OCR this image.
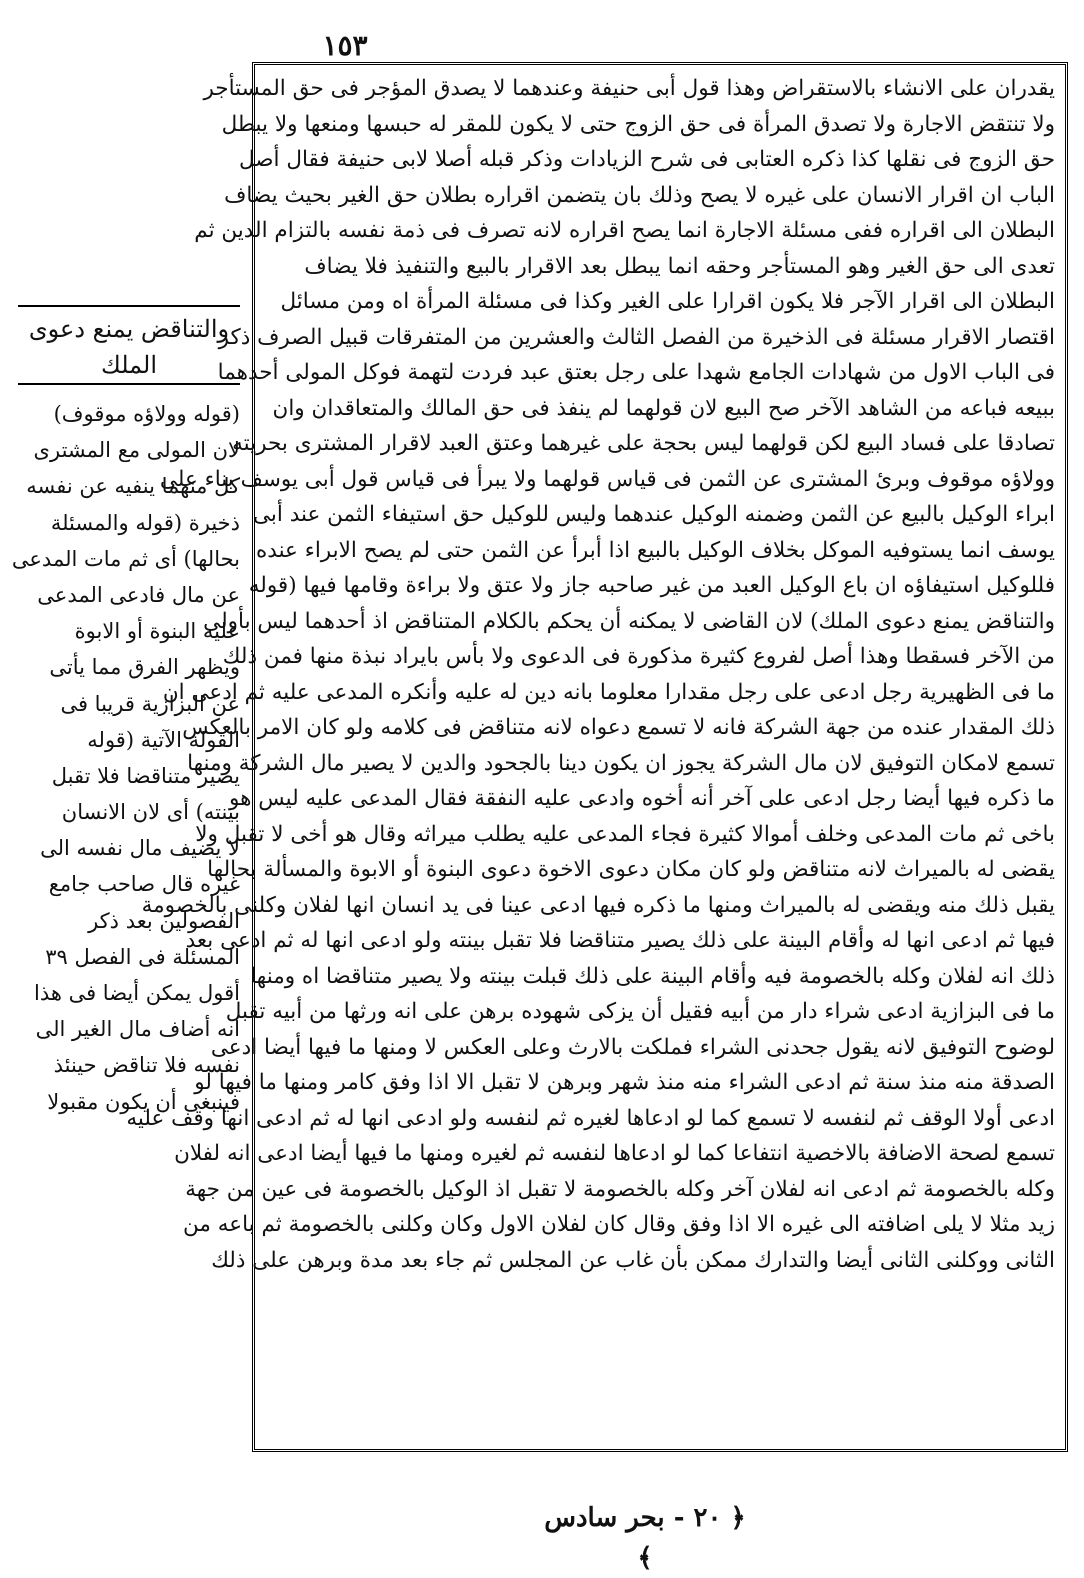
١٥٣
والتناقض يمنع دعوى الملك
(قوله وولاؤه موقوف)
لان المولى مع المشترى
كل منهما ينفيه عن نفسه
ذخيرة (قوله والمسئلة
بحالها) أى ثم مات المدعى
عن مال فادعى المدعى
عليه البنوة أو الابوة
ويظهر الفرق مما يأتى
عن البزازية قريبا فى
القولة الآتية (قوله
يصير متناقضا فلا تقبل
بينته) أى لان الانسان
لا يضيف مال نفسه الى
غيره قال صاحب جامع
الفصولين بعد ذكر
المسئلة فى الفصل ٣٩
أقول يمكن أيضا فى هذا
انه أضاف مال الغير الى
نفسه فلا تناقض حينئذ
فينبغى أن يكون مقبولا
يقدران على الانشاء بالاستقراض وهذا قول أبى حنيفة وعندهما لا يصدق المؤجر فى حق المستأجر
ولا تنتقض الاجارة ولا تصدق المرأة فى حق الزوج حتى لا يكون للمقر له حبسها ومنعها ولا يبطل
حق الزوج فى نقلها كذا ذكره العتابى فى شرح الزيادات وذكر قبله أصلا لابى حنيفة فقال أصل
الباب ان اقرار الانسان على غيره لا يصح وذلك بان يتضمن اقراره بطلان حق الغير بحيث يضاف
البطلان الى اقراره ففى مسئلة الاجارة انما يصح اقراره لانه تصرف فى ذمة نفسه بالتزام الدين ثم
تعدى الى حق الغير وهو المستأجر وحقه انما يبطل بعد الاقرار بالبيع والتنفيذ فلا يضاف
البطلان الى اقرار الآجر فلا يكون اقرارا على الغير وكذا فى مسئلة المرأة اه ومن مسائل
اقتصار الاقرار مسئلة فى الذخيرة من الفصل الثالث والعشرين من المتفرقات قبيل الصرف ذكر
فى الباب الاول من شهادات الجامع شهدا على رجل بعتق عبد فردت لتهمة فوكل المولى أحدهما
ببيعه فباعه من الشاهد الآخر صح البيع لان قولهما لم ينفذ فى حق المالك والمتعاقدان وان
تصادقا على فساد البيع لكن قولهما ليس بحجة على غيرهما وعتق العبد لاقرار المشترى بحريته
وولاؤه موقوف وبرئ المشترى عن الثمن فى قياس قولهما ولا يبرأ فى قياس قول أبى يوسف بناء على
ابراء الوكيل بالبيع عن الثمن وضمنه الوكيل عندهما وليس للوكيل حق استيفاء الثمن عند أبى
يوسف انما يستوفيه الموكل بخلاف الوكيل بالبيع اذا أبرأ عن الثمن حتى لم يصح الابراء عنده
فللوكيل استيفاؤه ان باع الوكيل العبد من غير صاحبه جاز ولا عتق ولا براءة وقامها فيها (قوله
والتناقض يمنع دعوى الملك) لان القاضى لا يمكنه أن يحكم بالكلام المتناقض اذ أحدهما ليس بأولى
من الآخر فسقطا وهذا أصل لفروع كثيرة مذكورة فى الدعوى ولا بأس بايراد نبذة منها فمن ذلك
ما فى الظهيرية رجل ادعى على رجل مقدارا معلوما بانه دين له عليه وأنكره المدعى عليه ثم ادعى ان
ذلك المقدار عنده من جهة الشركة فانه لا تسمع دعواه لانه متناقض فى كلامه ولو كان الامر بالعكس
تسمع لامكان التوفيق لان مال الشركة يجوز ان يكون دينا بالجحود والدين لا يصير مال الشركة ومنها
ما ذكره فيها أيضا رجل ادعى على آخر أنه أخوه وادعى عليه النفقة فقال المدعى عليه ليس هو
باخى ثم مات المدعى وخلف أموالا كثيرة فجاء المدعى عليه يطلب ميراثه وقال هو أخى لا تقبل ولا
يقضى له بالميراث لانه متناقض ولو كان مكان دعوى الاخوة دعوى البنوة أو الابوة والمسألة بحالها
يقبل ذلك منه ويقضى له بالميراث ومنها ما ذكره فيها ادعى عينا فى يد انسان انها لفلان وكلنى بالخصومة
فيها ثم ادعى انها له وأقام البينة على ذلك يصير متناقضا فلا تقبل بينته ولو ادعى انها له ثم ادعى بعد
ذلك انه لفلان وكله بالخصومة فيه وأقام البينة على ذلك قبلت بينته ولا يصير متناقضا اه ومنها
ما فى البزازية ادعى شراء دار من أبيه فقيل أن يزكى شهوده برهن على انه ورثها من أبيه تقبل
لوضوح التوفيق لانه يقول جحدنى الشراء فملكت بالارث وعلى العكس لا ومنها ما فيها أيضا ادعى
الصدقة منه منذ سنة ثم ادعى الشراء منه منذ شهر وبرهن لا تقبل الا اذا وفق كامر ومنها ما فيها لو
ادعى أولا الوقف ثم لنفسه لا تسمع كما لو ادعاها لغيره ثم لنفسه ولو ادعى انها له ثم ادعى انها وقف عليه
تسمع لصحة الاضافة بالاخصية انتفاعا كما لو ادعاها لنفسه ثم لغيره ومنها ما فيها أيضا ادعى انه لفلان
وكله بالخصومة ثم ادعى انه لفلان آخر وكله بالخصومة لا تقبل اذ الوكيل بالخصومة فى عين من جهة
زيد مثلا لا يلى اضافته الى غيره الا اذا وفق وقال كان لفلان الاول وكان وكلنى بالخصومة ثم باعه من
الثانى ووكلنى الثانى أيضا والتدارك ممكن بأن غاب عن المجلس ثم جاء بعد مدة وبرهن على ذلك
﴿ ٢٠ - بحر سادس ﴾
